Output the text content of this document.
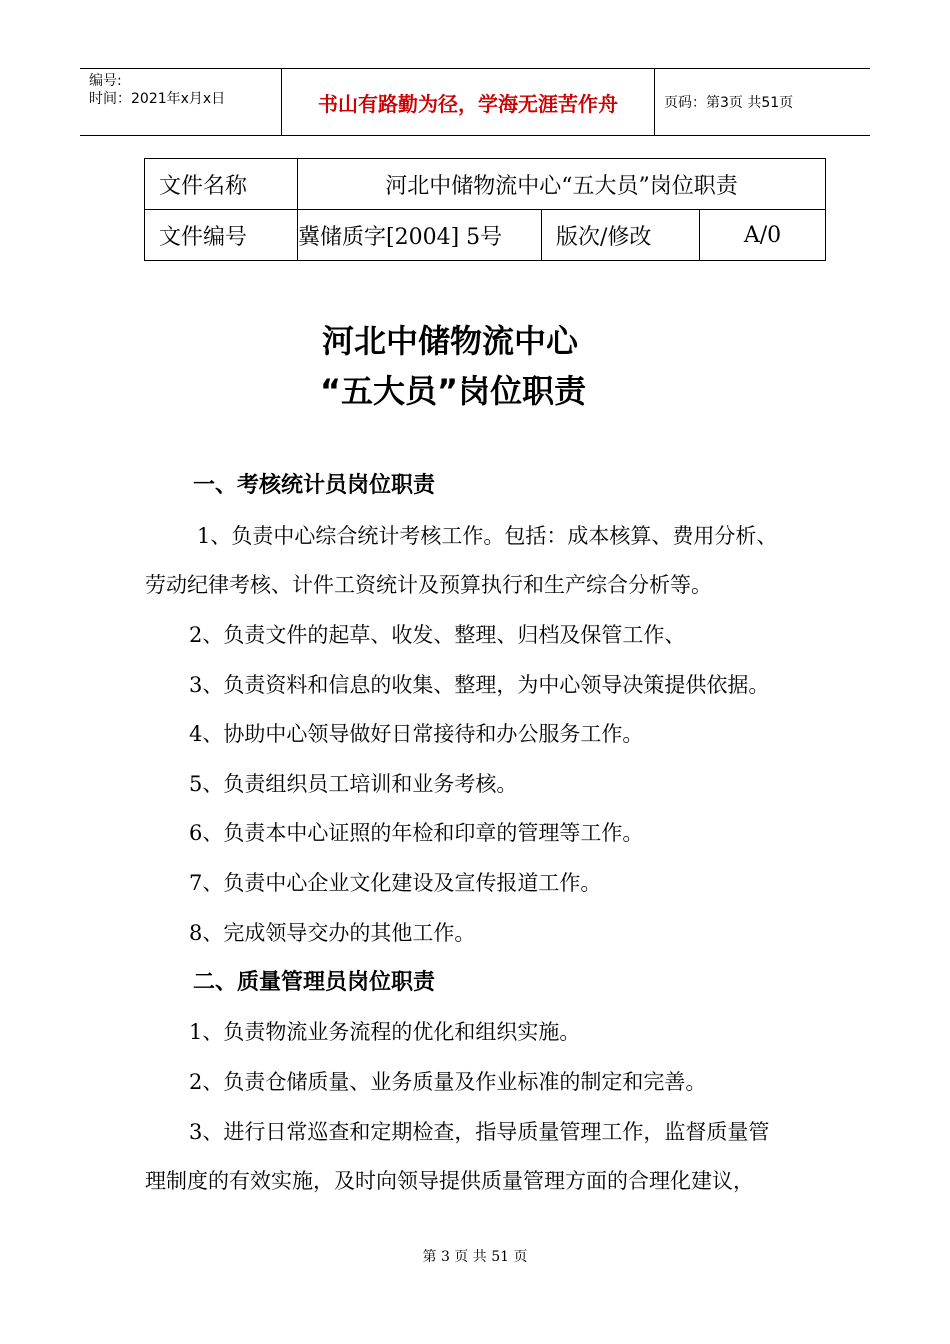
编号:
时间：2021年x月x日	书山有路勤为径，学海无涯苦作舟	页码：第3页 共51页
文件名称	河北中储物流中心“五大员”岗位职责		
文件编号	冀储质字[2004] 5号	版次/修改	A/0
河北中储物流中心
“五大员”岗位职责
一、考核统计员岗位职责
1、负责中心综合统计考核工作。包括：成本核算、费用分析、
劳动纪律考核、计件工资统计及预算执行和生产综合分析等。
2、负责文件的起草、收发、整理、归档及保管工作、
3、负责资料和信息的收集、整理，为中心领导决策提供依据。
4、协助中心领导做好日常接待和办公服务工作。
5、负责组织员工培训和业务考核。
6、负责本中心证照的年检和印章的管理等工作。
7、负责中心企业文化建设及宣传报道工作。
8、完成领导交办的其他工作。
二、质量管理员岗位职责
1、负责物流业务流程的优化和组织实施。
2、负责仓储质量、业务质量及作业标准的制定和完善。
3、进行日常巡查和定期检查，指导质量管理工作，监督质量管
理制度的有效实施，及时向领导提供质量管理方面的合理化建议，
第 3 页 共 51 页
